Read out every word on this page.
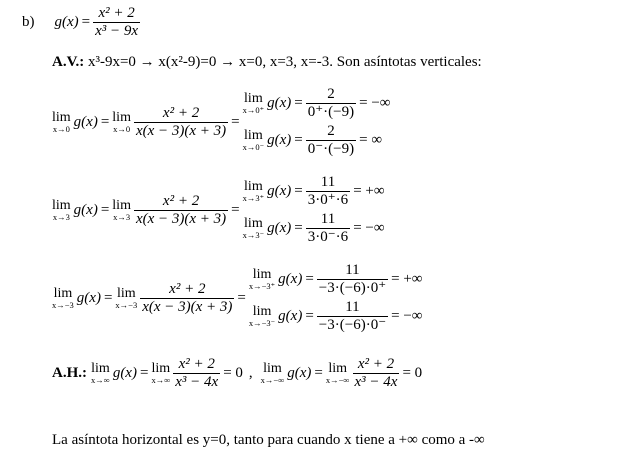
b) $g(x) = \frac{\text{x² + 2}}{\text{x³ − 9x}}$
A.V.: x³-9x=0 → x(x²-9)=0 → x=0, x=3, x=-3. Son asíntotas verticales:
lim
x→0 g(x) = lim
$x\to 0 \frac{\text{x² + 2}}{x(x - 3)(x + 3)}$ =
lim
x→0⁺ $g(x) = \frac{2}{0^+\cdot(-9)}$ = −∞
lim
x→0⁻ $g(x) = \frac{2}{0^-\cdot(-9)}$ = ∞
lim
x→3 g(x) = lim
$x\to 3 \frac{\text{x² + 2}}{x(x - 3)(x + 3)}$ =
lim
x→3⁺ $g(x) = \frac{11}{3\cdot 0^+\cdot 6}$ = +∞
lim
x→3⁻ $g(x) = \frac{11}{3\cdot 0^-\cdot 6}$ = −∞
lim
x→−3 g(x) = lim
$x\to-3 \frac{\text{x² + 2}}{x(x - 3)(x + 3)}$ =
lim
x→−3⁺ $g(x) = \frac{11}{-3\cdot(-6)\cdot 0^+}$ = +∞
lim
x→−3⁻ $g(x) = \frac{11}{-3\cdot(-6)\cdot 0^-}$ = −∞
A.H.: lim
x→∞ g(x) = lim
$x\to\infty \frac{\text{x² + 2}}{\text{x³ − 4x}} = 0$ , lim
x→−∞ g(x) = lim
$x\to-\infty \frac{\text{x² + 2}}{\text{x³ − 4x}} = 0$
La asíntota horizontal es y=0, tanto para cuando x tiene a +∞ como a -∞
